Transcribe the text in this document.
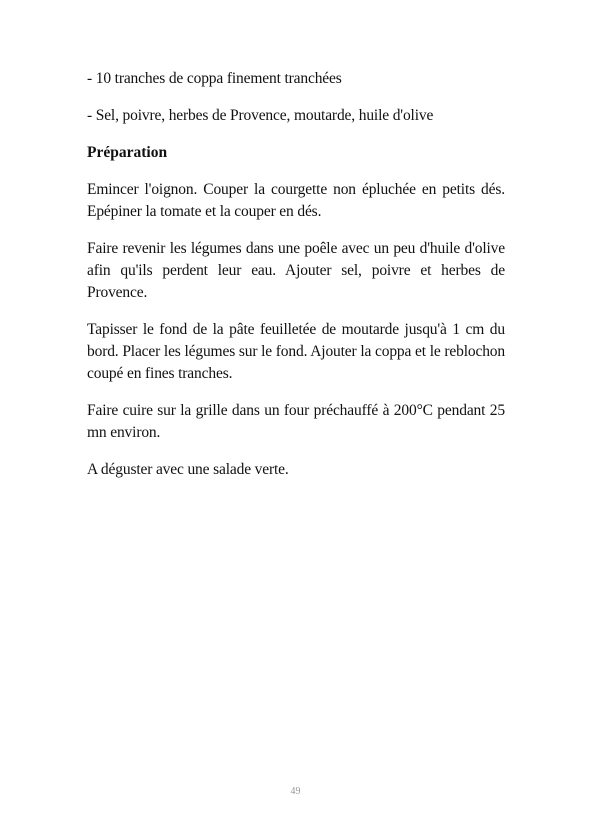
- 10 tranches de coppa finement tranchées

- Sel, poivre, herbes de Provence, moutarde, huile d'olive

Préparation

Emincer l'oignon. Couper la courgette non épluchée en petits dés. Epépiner la tomate et la couper en dés.

Faire revenir les légumes dans une poêle avec un peu d'huile d'olive afin qu'ils perdent leur eau. Ajouter sel, poivre et herbes de Provence.

Tapisser le fond de la pâte feuilletée de moutarde jusqu'à 1 cm du bord. Placer les légumes sur le fond. Ajouter la coppa et le reblochon coupé en fines tranches.

Faire cuire sur la grille dans un four préchauffé à 200°C pendant 25 mn environ.

A déguster avec une salade verte.

49
